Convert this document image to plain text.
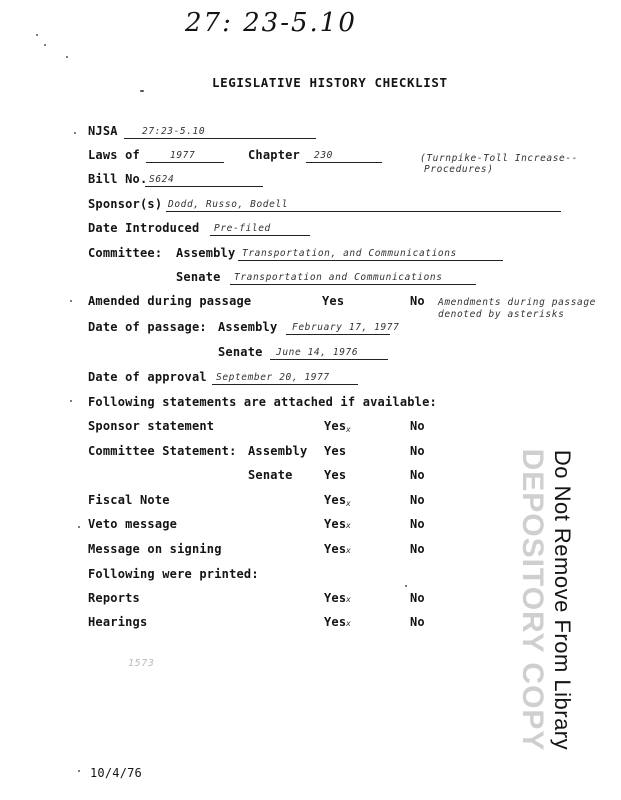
27: 23-5.10
LEGISLATIVE HISTORY CHECKLIST
NJSA	27:23-5.10
Laws of	1977	Chapter 230	(Turnpike-Toll Increase--
Procedures)
Bill No. S624
Sponsor(s) Dodd, Russo, Bodell
Date Introduced Pre-filed
Committee: Assembly Transportation, and Communications
Senate Transportation and Communications
Amended during passage	Yes	No Amendments during passage
denoted by asterisks
Date of passage: Assembly February 17, 1977
Senate June 14, 1976
Date of approval September 20, 1977
Following statements are attached if available:
Sponsor statement	Yes x	No
Committee Statement: Assembly Yes	No
Senate	Yes	No
Fiscal Note	Yes x	No
Veto message	Yes x	No
Message on signing	Yes x	No
Following were printed:
Reports	Yes x	No
Hearings	Yes x	No
1573
10/4/76
Do Not Remove From Library
DEPOSITORY COPY
